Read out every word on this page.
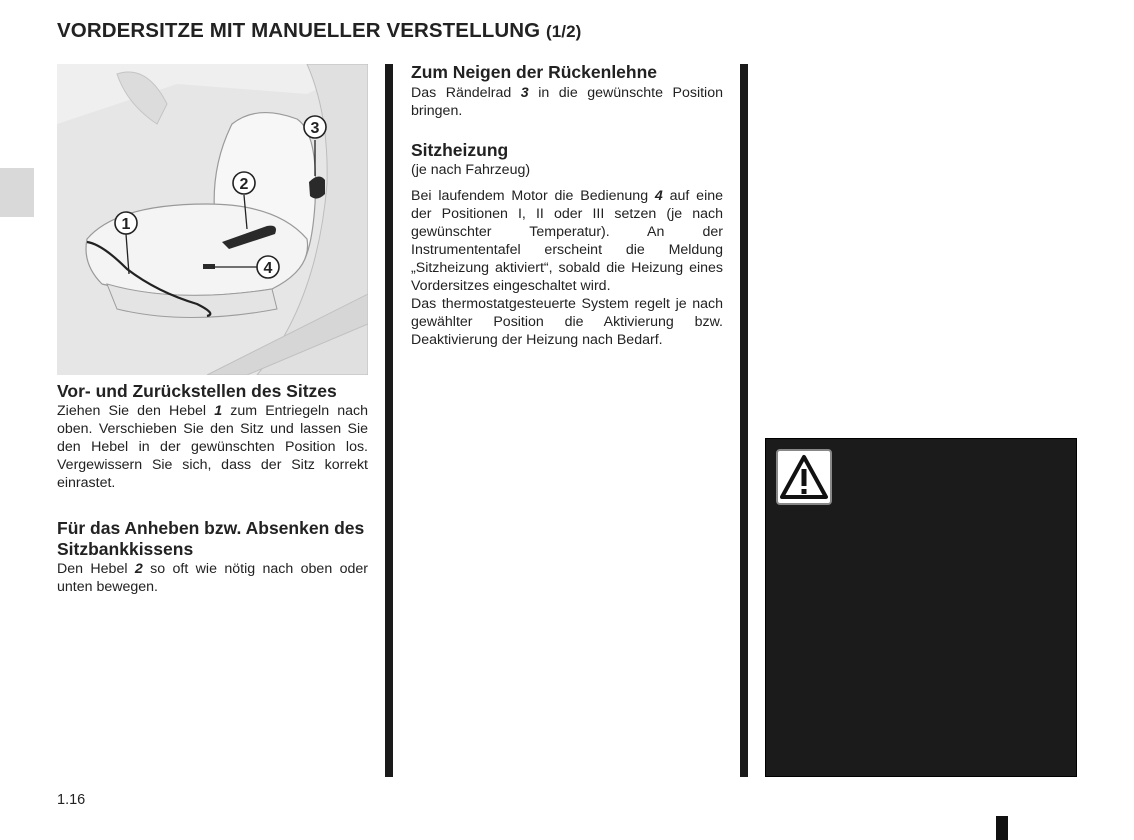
VORDERSITZE MIT MANUELLER VERSTELLUNG (1/2)
1
2
3
4
Vor- und Zurückstellen des Sitzes

Ziehen Sie den Hebel 1 zum Entriegeln nach oben. Verschieben Sie den Sitz und lassen Sie den Hebel in der gewünschten Position los. Vergewissern Sie sich, dass der Sitz korrekt einrastet.

Für das Anheben bzw. Absenken des Sitzbankkissens

Den Hebel 2 so oft wie nötig nach oben oder unten bewegen.

Zum Neigen der Rückenlehne

Das Rändelrad 3 in die gewünschte Position bringen.

Sitzheizung

(je nach Fahrzeug)

Bei laufendem Motor die Bedienung 4 auf eine der Positionen I, II oder III setzen (je nach gewünschter Temperatur). An der Instrumententafel erscheint die Meldung „Sitzheizung aktiviert“, sobald die Heizung eines Vordersitzes eingeschaltet wird.

Das thermostatgesteuerte System regelt je nach gewählter Position die Aktivierung bzw. Deaktivierung der Heizung nach Bedarf.

1.16
